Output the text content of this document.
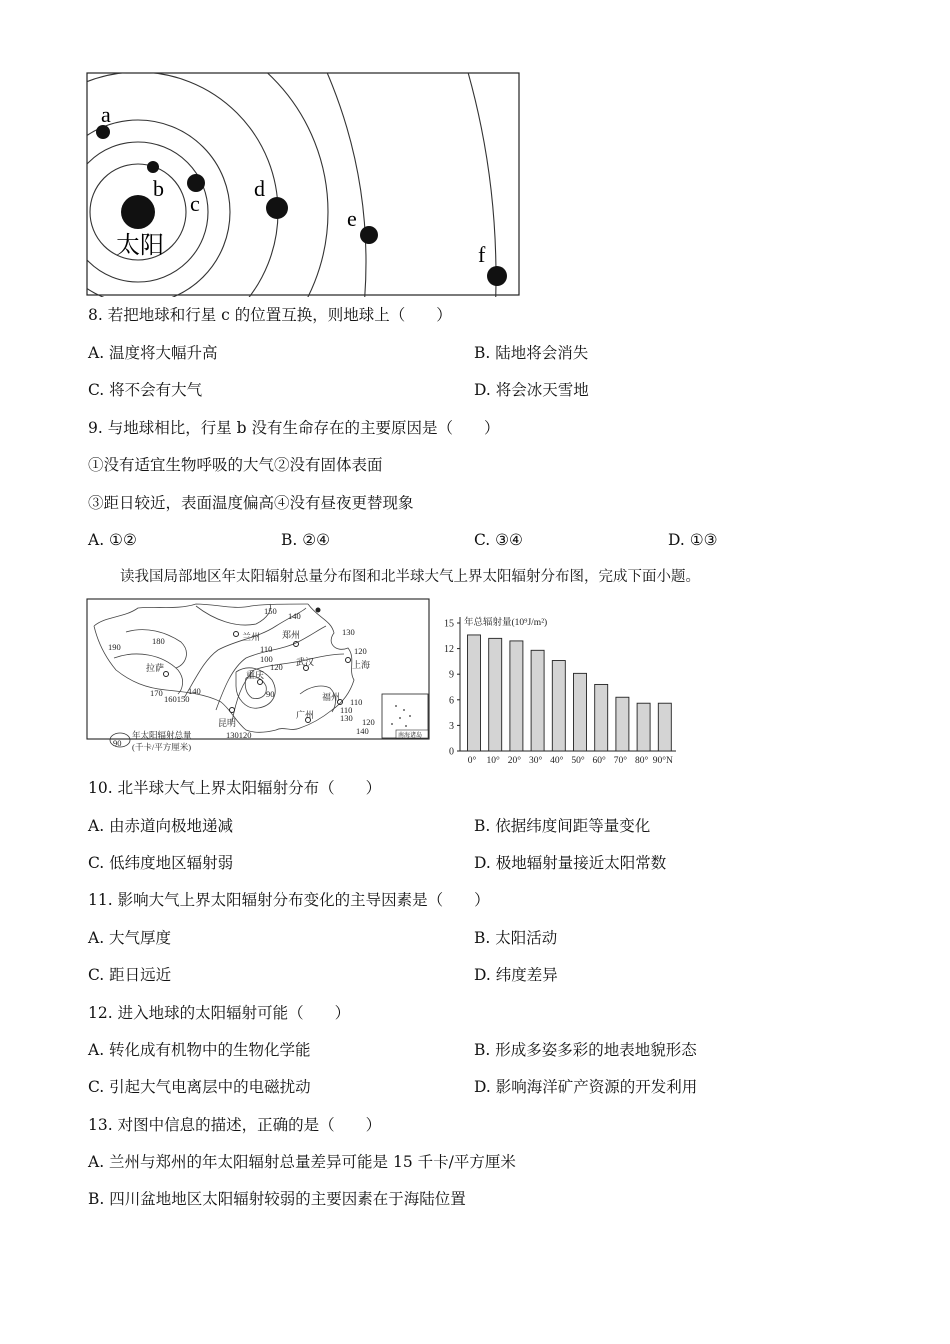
a
b
c
d
e
f
太阳
8. 若把地球和行星 c 的位置互换，则地球上（　　）
A. 温度将大幅升高	B. 陆地将会消失
C. 将不会有大气	D. 将会冰天雪地
9. 与地球相比，行星 b 没有生命存在的主要原因是（　　）
①没有适宜生物呼吸的大气②没有固体表面
③距日较近，表面温度偏高④没有昼夜更替现象
A. ①②	B. ②④	C. ③④	D. ①③
读我国局部地区年太阳辐射总量分布图和北半球大气上界太阳辐射分布图，完成下面小题。
兰州 郑州
拉萨
武汉	上海
重庆
福州
广州
昆明
150 140
130
180
190	110
100
120
120
170
160150
140	90
110
110
130 120
140
130120
90
年太阳辐射总量
(千卡/平方厘米)
南海诸岛
15
12
9
6
3
0
年总辐射量(10⁹J/m²)
0° 10° 20° 30° 40° 50° 60° 70° 80° 90°N
10. 北半球大气上界太阳辐射分布（　　）
A. 由赤道向极地递减	B. 依据纬度间距等量变化
C. 低纬度地区辐射弱	D. 极地辐射量接近太阳常数
11. 影响大气上界太阳辐射分布变化的主导因素是（　　）
A. 大气厚度	B. 太阳活动
C. 距日远近	D. 纬度差异
12. 进入地球的太阳辐射可能（　　）
A. 转化成有机物中的生物化学能	B. 形成多姿多彩的地表地貌形态
C. 引起大气电离层中的电磁扰动	D. 影响海洋矿产资源的开发利用
13. 对图中信息的描述，正确的是（　　）
A. 兰州与郑州的年太阳辐射总量差异可能是 15 千卡/平方厘米
B. 四川盆地地区太阳辐射较弱的主要因素在于海陆位置
